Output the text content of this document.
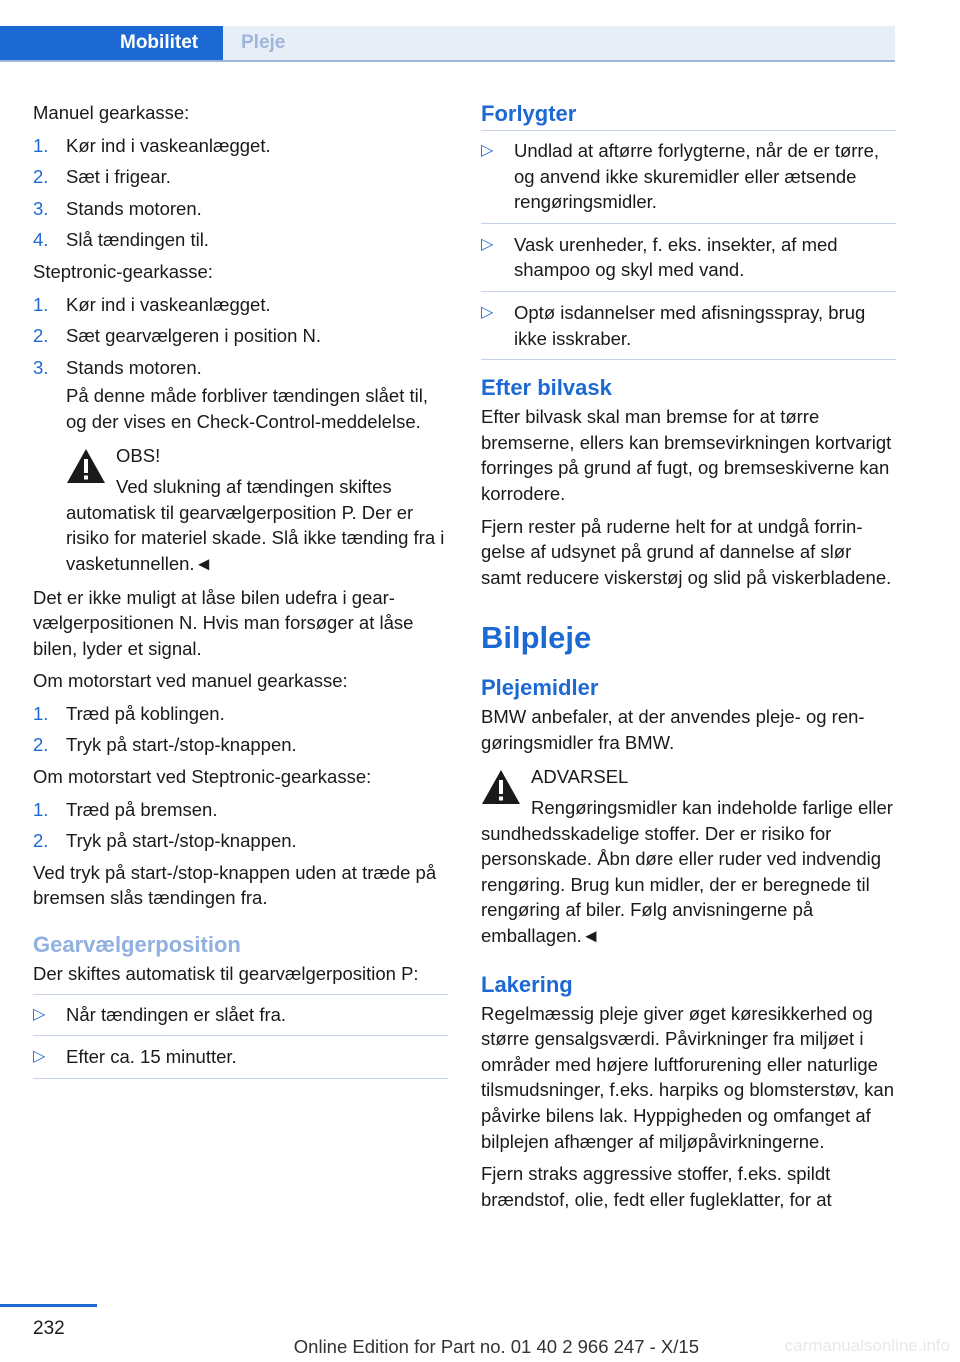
Mobilitet Pleje

Manuel gearkasse:

1. Kør ind i vaskeanlægget.
2. Sæt i frigear.
3. Stands motoren.
4. Slå tændingen til.

Steptronic-gearkasse:

1. Kør ind i vaskeanlægget.
2. Sæt gearvælgeren i position N.
3. Stands motoren.
På denne måde forbliver tændingen slået til, og der vises en Check-Control-meddelelse.
OBS!
Ved slukning af tændingen skiftes automatisk til gearvælgerposition P. Der er risiko for materiel skade. Slå ikke tænding fra i vasketunnellen.◄

Det er ikke muligt at låse bilen udefra i gearvælgerpositionen N. Hvis man forsøger at låse bilen, lyder et signal.

Om motorstart ved manuel gearkasse:

1. Træd på koblingen.
2. Tryk på start-/stop-knappen.

Om motorstart ved Steptronic-gearkasse:

1. Træd på bremsen.
2. Tryk på start-/stop-knappen.

Ved tryk på start-/stop-knappen uden at træde på bremsen slås tændingen fra.

Gearvælgerposition

Der skiftes automatisk til gearvælgerposition P:

▷ Når tændingen er slået fra.
▷ Efter ca. 15 minutter.
Forlygter
▷ Undlad at aftørre forlygterne, når de er tørre, og anvend ikke skuremidler eller ætsende rengøringsmidler.
▷ Vask urenheder, f. eks. insekter, af med shampoo og skyl med vand.
▷ Optø isdannelser med afisningsspray, brug ikke isskraber.
Efter bilvask

Efter bilvask skal man bremse for at tørre bremserne, ellers kan bremsevirkningen kortvarigt forringes på grund af fugt, og bremseskiverne kan korrodere.

Fjern rester på ruderne helt for at undgå forringelse af udsynet på grund af dannelse af slør samt reducere viskerstøj og slid på viskerbladene.

Bilpleje
Plejemidler

BMW anbefaler, at der anvendes pleje- og rengøringsmidler fra BMW.

ADVARSEL
Rengøringsmidler kan indeholde farlige eller sundhedsskadelige stoffer. Der er risiko for personskade. Åbn døre eller ruder ved indvendig rengøring. Brug kun midler, der er beregnede til rengøring af biler. Følg anvisningerne på emballagen.◄
Lakering

Regelmæssig pleje giver øget køresikkerhed og større gensalgsværdi. Påvirkninger fra miljøet i områder med højere luftforurening eller naturlige tilsmudsninger, f.eks. harpiks og blomsterstøv, kan påvirke bilens lak. Hyppigheden og omfanget af bilplejen afhænger af miljøpåvirkningerne.

Fjern straks aggressive stoffer, f.eks. spildt brændstof, olie, fedt eller fugleklatter, for at

232
Online Edition for Part no. 01 40 2 966 247 - X/15	carmanualsonline.info
